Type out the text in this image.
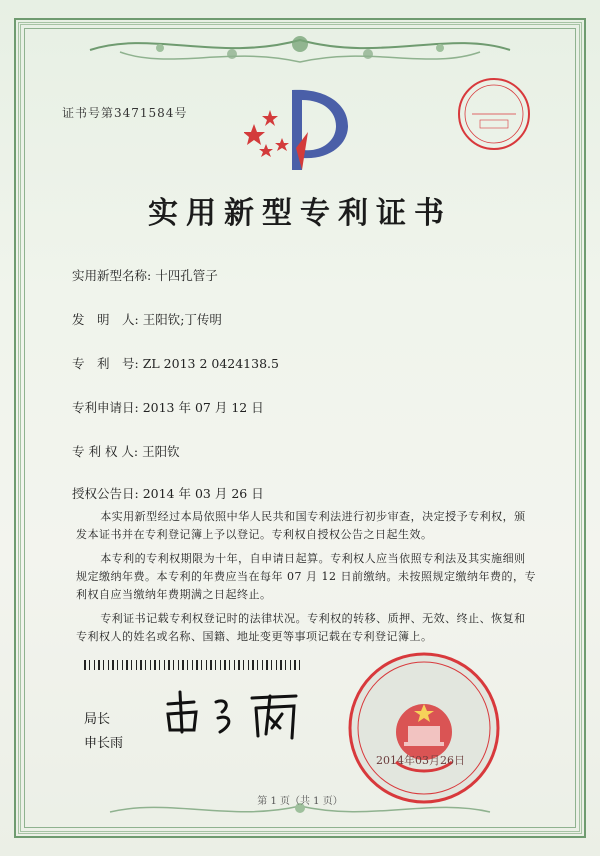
证书号第3471584号
实用新型专利证书
实用新型名称: 十四孔管子
发　明　人: 王阳钦;丁传明
专　利　号: ZL 2013 2 0424138.5
专利申请日: 2013 年 07 月 12 日
专 利 权 人: 王阳钦
授权公告日: 2014 年 03 月 26 日

本实用新型经过本局依照中华人民共和国专利法进行初步审查，决定授予专利权，颁发本证书并在专利登记簿上予以登记。专利权自授权公告之日起生效。

本专利的专利权期限为十年，自申请日起算。专利权人应当依照专利法及其实施细则规定缴纳年费。本专利的年费应当在每年 07 月 12 日前缴纳。未按照规定缴纳年费的，专利权自应当缴纳年费期满之日起终止。

专利证书记载专利权登记时的法律状况。专利权的转移、质押、无效、终止、恢复和专利权人的姓名或名称、国籍、地址变更等事项记载在专利登记簿上。

局长
申长雨
2014年03月26日
第 1 页（共 1 页）
